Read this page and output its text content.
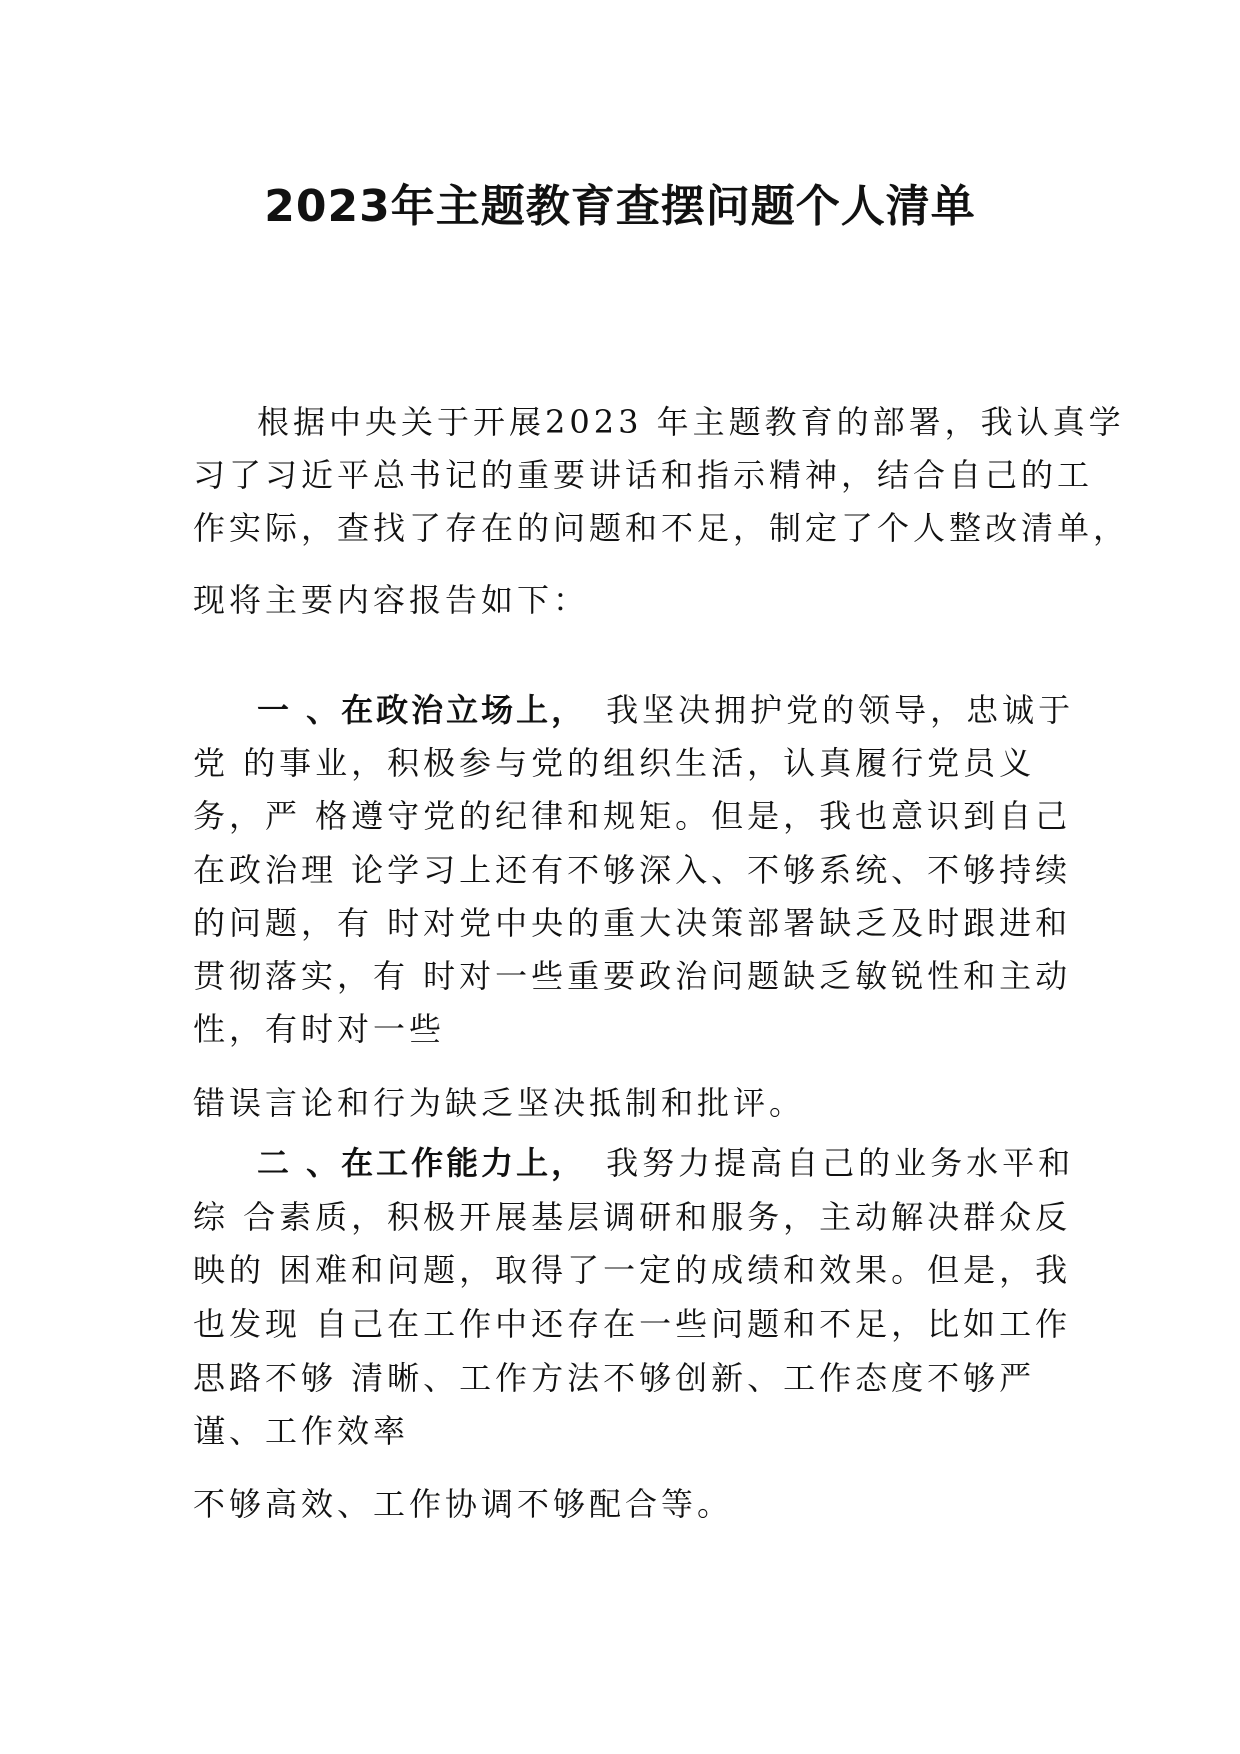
2023年主题教育查摆问题个人清单
根据中央关于开展2023 年主题教育的部署，我认真学
习了习近平总书记的重要讲话和指示精神，结合自己的工
作实际，查找了存在的问题和不足，制定了个人整改清单，
现将主要内容报告如下：
一 、在政治立场上，　我坚决拥护党的领导，忠诚于
党 的事业，积极参与党的组织生活，认真履行党员义
务，严 格遵守党的纪律和规矩。但是，我也意识到自己
在政治理 论学习上还有不够深入、不够系统、不够持续
的问题，有 时对党中央的重大决策部署缺乏及时跟进和
贯彻落实，有 时对一些重要政治问题缺乏敏锐性和主动
性，有时对一些
错误言论和行为缺乏坚决抵制和批评。
二 、在工作能力上，　我努力提高自己的业务水平和
综 合素质，积极开展基层调研和服务，主动解决群众反
映的 困难和问题，取得了一定的成绩和效果。但是，我
也发现 自己在工作中还存在一些问题和不足，比如工作
思路不够 清晰、工作方法不够创新、工作态度不够严
谨、工作效率
不够高效、工作协调不够配合等。
